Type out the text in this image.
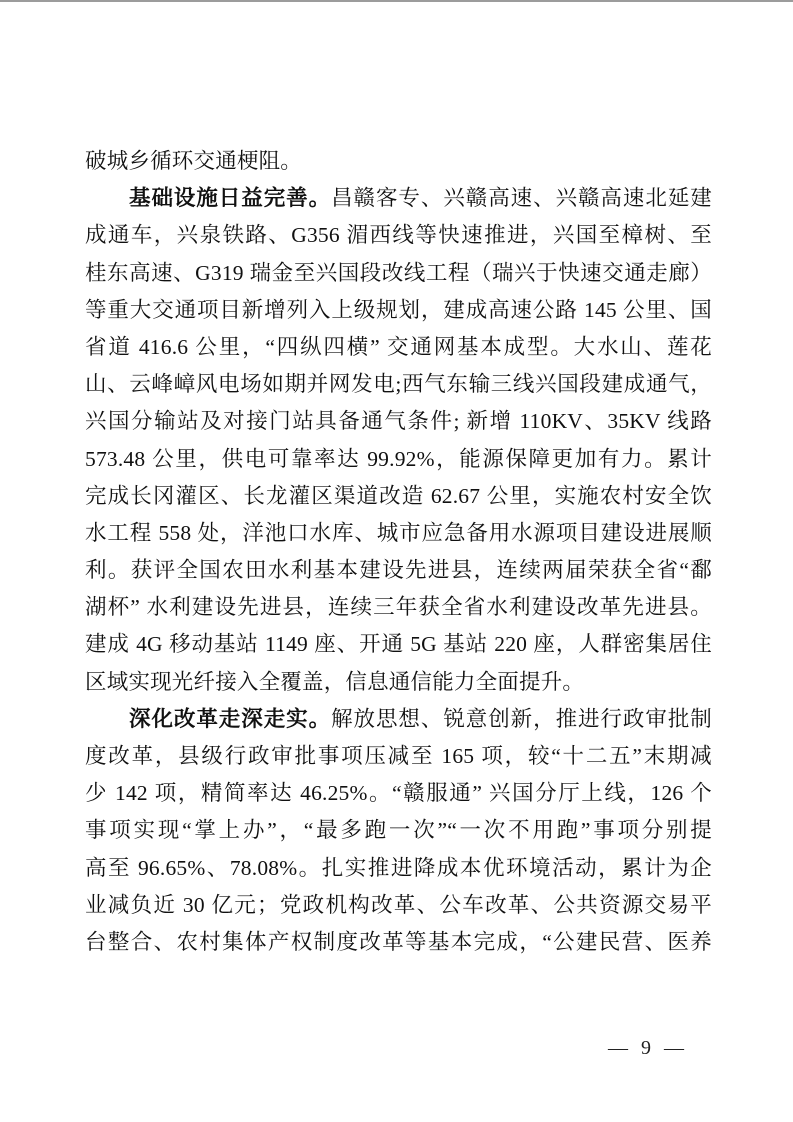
破城乡循环交通梗阻。

基础设施日益完善。昌赣客专、兴赣高速、兴赣高速北延建

成通车，兴泉铁路、G356 湄西线等快速推进，兴国至樟树、至

桂东高速、G319 瑞金至兴国段改线工程（瑞兴于快速交通走廊）

等重大交通项目新增列入上级规划，建成高速公路 145 公里、国

省道 416.6 公里，“四纵四横” 交通网基本成型。大水山、莲花

山、云峰嶂风电场如期并网发电;西气东输三线兴国段建成通气，

兴国分输站及对接门站具备通气条件; 新增 110KV、35KV 线路

573.48 公里，供电可靠率达 99.92%，能源保障更加有力。累计

完成长冈灌区、长龙灌区渠道改造 62.67 公里，实施农村安全饮

水工程 558 处，洋池口水库、城市应急备用水源项目建设进展顺

利。获评全国农田水利基本建设先进县，连续两届荣获全省“鄱

湖杯” 水利建设先进县，连续三年获全省水利建设改革先进县。

建成 4G 移动基站 1149 座、开通 5G 基站 220 座，人群密集居住

区域实现光纤接入全覆盖，信息通信能力全面提升。

深化改革走深走实。解放思想、锐意创新，推进行政审批制

度改革，县级行政审批事项压减至 165 项，较“十二五”末期减

少 142 项，精简率达 46.25%。“赣服通” 兴国分厅上线，126 个

事项实现“掌上办”，“最多跑一次”“一次不用跑”事项分别提

高至 96.65%、78.08%。扎实推进降成本优环境活动，累计为企

业减负近 30 亿元；党政机构改革、公车改革、公共资源交易平

台整合、农村集体产权制度改革等基本完成，“公建民营、医养

— 9 —
